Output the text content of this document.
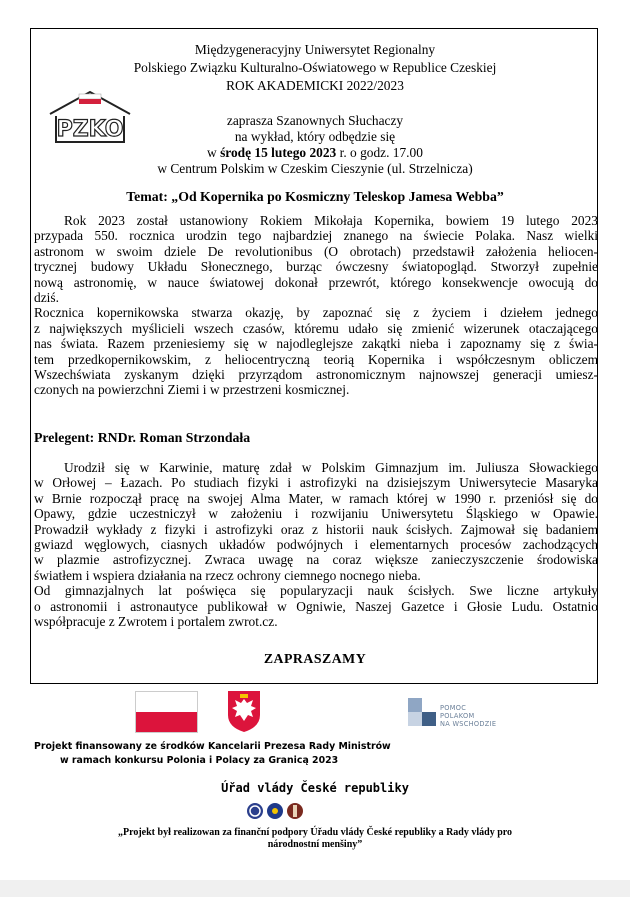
Międzygeneracyjny Uniwersytet Regionalny
Polskiego Związku Kulturalno-Oświatowego w Republice Czeskiej
ROK AKADEMICKI 2022/2023
PZKO	zaprasza Szanownych Słuchaczy
na wykład, który odbędzie się
w środę 15 lutego 2023 r. o godz. 17.00
w Centrum Polskim w Czeskim Cieszynie (ul. Strzelnicza)
Temat: „Od Kopernika po Kosmiczny Teleskop Jamesa Webba”
Rok 2023 został ustanowiony Rokiem Mikołaja Kopernika, bowiem 19 lutego 2023
przypada 550. rocznica urodzin tego najbardziej znanego na świecie Polaka. Nasz wielki
astronom w swoim dziele De revolutionibus (O obrotach) przedstawił założenia heliocen-
trycznej budowy Układu Słonecznego, burząc ówczesny światopogląd. Stworzył zupełnie
nową astronomię, w nauce światowej dokonał przewrót, którego konsekwencje owocują do
dziś.
Rocznica kopernikowska stwarza okazję, by zapoznać się z życiem i dziełem jednego
z największych myślicieli wszech czasów, któremu udało się zmienić wizerunek otaczającego
nas świata. Razem przeniesiemy się w najodleglejsze zakątki nieba i zapoznamy się z świa-
tem przedkopernikowskim, z heliocentryczną teorią Kopernika i współczesnym obliczem
Wszechświata zyskanym dzięki przyrządom astronomicznym najnowszej generacji umiesz-
czonych na powierzchni Ziemi i w przestrzeni kosmicznej.
Prelegent: RNDr. Roman Strzondała
Urodził się w Karwinie, maturę zdał w Polskim Gimnazjum im. Juliusza Słowackiego
w Orłowej – Łazach. Po studiach fizyki i astrofizyki na dzisiejszym Uniwersytecie Masaryka
w Brnie rozpoczął pracę na swojej Alma Mater, w ramach której w 1990 r. przeniósł się do
Opawy, gdzie uczestniczył w założeniu i rozwijaniu Uniwersytetu Śląskiego w Opawie.
Prowadził wykłady z fizyki i astrofizyki oraz z historii nauk ścisłych. Zajmował się badaniem
gwiazd węglowych, ciasnych układów podwójnych i elementarnych procesów zachodzących
w plazmie astrofizycznej. Zwraca uwagę na coraz większe zanieczyszczenie środowiska
światłem i wspiera działania na rzecz ochrony ciemnego nocnego nieba.
Od gimnazjalnych lat poświęca się popularyzacji nauk ścisłych. Swe liczne artykuły
o astronomii i astronautyce publikował w Ogniwie, Naszej Gazetce i Głosie Ludu. Ostatnio
współpracuje z Zwrotem i portalem zwrot.cz.
ZAPRASZAMY
POMOC
POLAKOM
NA WSCHODZIE
Projekt finansowany ze środków Kancelarii Prezesa Rady Ministrów
w ramach konkursu Polonia i Polacy za Granicą 2023
Úřad vlády České republiky
„Projekt był realizowan za finanční podpory Úřadu vlády České republiky a Rady vlády pro
národnostní menšiny”
